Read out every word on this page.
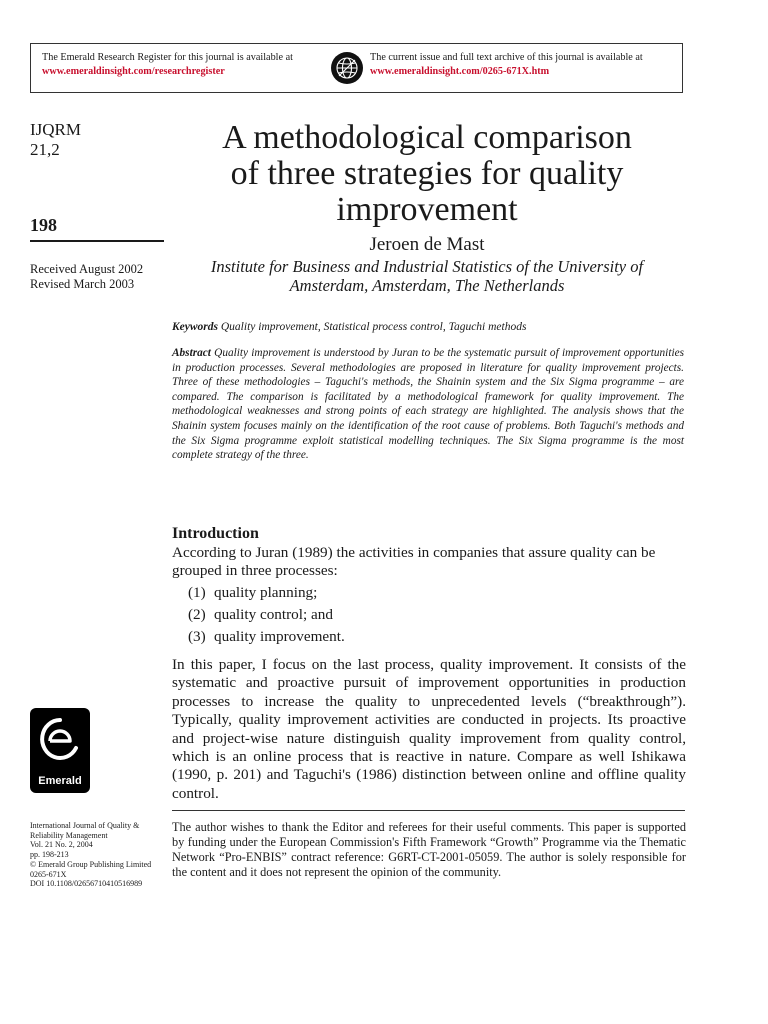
The Emerald Research Register for this journal is available at
www.emeraldinsight.com/researchregister
The current issue and full text archive of this journal is available at
www.emeraldinsight.com/0265-671X.htm
IJQRM
21,2
198
Received August 2002
Revised March 2003
A methodological comparison
of three strategies for quality
improvement
Jeroen de Mast
Institute for Business and Industrial Statistics of the University of
Amsterdam, Amsterdam, The Netherlands
Keywords Quality improvement, Statistical process control, Taguchi methods
Abstract Quality improvement is understood by Juran to be the systematic pursuit of improvement opportunities in production processes. Several methodologies are proposed in literature for quality improvement projects. Three of these methodologies – Taguchi's methods, the Shainin system and the Six Sigma programme – are compared. The comparison is facilitated by a methodological framework for quality improvement. The methodological weaknesses and strong points of each strategy are highlighted. The analysis shows that the Shainin system focuses mainly on the identification of the root cause of problems. Both Taguchi's methods and the Six Sigma programme exploit statistical modelling techniques. The Six Sigma programme is the most complete strategy of the three.
Introduction
According to Juran (1989) the activities in companies that assure quality can be grouped in three processes:
(1) quality planning;
(2) quality control; and
(3) quality improvement.
In this paper, I focus on the last process, quality improvement. It consists of the systematic and proactive pursuit of improvement opportunities in production processes to increase the quality to unprecedented levels (“breakthrough”). Typically, quality improvement activities are conducted in projects. Its proactive and project-wise nature distinguish quality improvement from quality control, which is an online process that is reactive in nature. Compare as well Ishikawa (1990, p. 201) and Taguchi's (1986) distinction between online and offline quality control.
Emerald
The author wishes to thank the Editor and referees for their useful comments. This paper is supported by funding under the European Commission's Fifth Framework “Growth” Programme via the Thematic Network “Pro-ENBIS” contract reference: G6RT-CT-2001-05059. The author is solely responsible for the content and it does not represent the opinion of the community.
International Journal of Quality &
Reliability Management
Vol. 21 No. 2, 2004
pp. 198-213
© Emerald Group Publishing Limited
0265-671X
DOI 10.1108/02656710410516989
